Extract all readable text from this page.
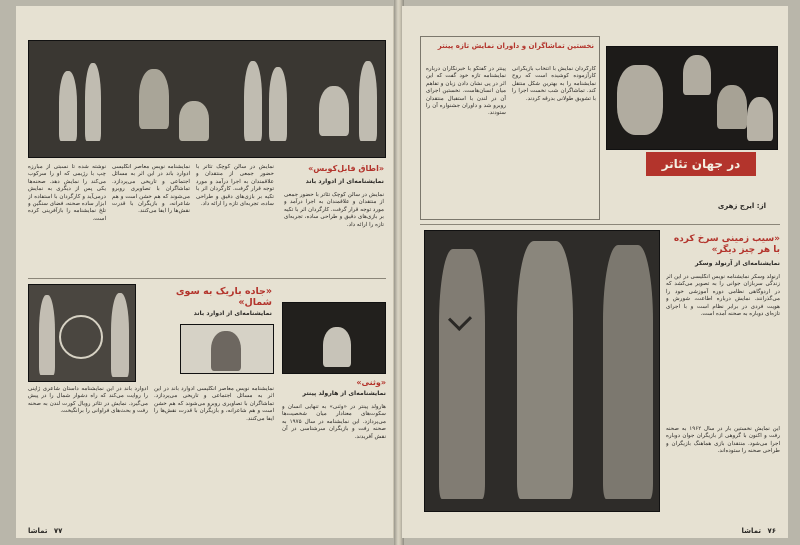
نوشته شده تا نسبتی از مبارزه چپ با رژیمی که او را سرکوب می‌کند را نمایش دهد. صحنه‌ها یکی پس از دیگری به نمایش درمی‌آید و کارگردان با استفاده از ابزار ساده صحنه، فضای سنگین و تلخ نمایشنامه را بازآفرینی کرده است.
نمایشنامه نویس معاصر انگلیسی ادوارد باند در این اثر به مسائل اجتماعی و تاریخی می‌پردازد. تماشاگران با تصاویری روبرو می‌شوند که هم خشن است و هم شاعرانه، و بازیگران با قدرت نقش‌ها را ایفا می‌کنند.
نمایش در سالن کوچک تئاتر با حضور جمعی از منتقدان و علاقمندان به اجرا درآمد و مورد توجه قرار گرفت. کارگردان اثر با تکیه بر بازی‌های دقیق و طراحی ساده، تجربه‌ای تازه را ارائه داد.
«اطاق فابل‌کوبس»
نمایشنامه‌ای از ادوارد باند
نمایش در سالن کوچک تئاتر با حضور جمعی از منتقدان و علاقمندان به اجرا درآمد و مورد توجه قرار گرفت. کارگردان اثر با تکیه بر بازی‌های دقیق و طراحی ساده، تجربه‌ای تازه را ارائه داد.
«جاده باریک به سوی شمال»
نمایشنامه‌ای از ادوارد باند
«وثنی»
نمایشنامه‌ای از هارولد پینتر
ادوارد باند در این نمایشنامه داستان شاعری ژاپنی را روایت می‌کند که راه دشوار شمال را در پیش می‌گیرد. نمایش در تئاتر رویال کورت لندن به صحنه رفت و بحث‌های فراوانی را برانگیخت.
نمایشنامه نویس معاصر انگلیسی ادوارد باند در این اثر به مسائل اجتماعی و تاریخی می‌پردازد. تماشاگران با تصاویری روبرو می‌شوند که هم خشن است و هم شاعرانه، و بازیگران با قدرت نقش‌ها را ایفا می‌کنند.
هارولد پینتر در «وثنی» به تنهایی انسان و سکوت‌های معنادار میان شخصیت‌ها می‌پردازد. این نمایشنامه در سال ۱۹۷۵ به صحنه رفت و بازیگران سرشناسی در آن نقش آفریدند.
۷۷ تماشا
نخستین تماشاگران و داوران نمایش تازه پینتر
پینتر در گفتگو با خبرنگاران درباره نمایشنامه تازه خود گفت که این اثر در پی نشان دادن زبان و تفاهم میان انسان‌هاست. نخستین اجرای آن در لندن با استقبال منتقدان روبرو شد و داوران جشنواره آن را ستودند.
کارگردان نمایش با انتخاب بازیگرانی کارآزموده کوشیده است که روح نمایشنامه را به بهترین شکل منتقل کند. تماشاگران شب نخست اجرا را با تشویق طولانی بدرقه کردند.
در جهان تئاتر
از: ایرج زهری
«سیب زمینی سرخ کرده با هر چیز دیگر»
نمایشنامه‌ای از آرنولد وسکر
آرنولد وسکر نمایشنامه نویس انگلیسی در این اثر زندگی سربازان جوانی را به تصویر می‌کشد که در اردوگاهی نظامی دوره آموزشی خود را می‌گذرانند. نمایش درباره اطاعت، شورش و هویت فردی در برابر نظام است و با اجرای تازه‌ای دوباره به صحنه آمده است.
این نمایش نخستین بار در سال ۱۹۶۲ به صحنه رفت و اکنون با گروهی از بازیگران جوان دوباره اجرا می‌شود. منتقدان بازی هماهنگ بازیگران و طراحی صحنه را ستوده‌اند.
۷۶ تماشا
